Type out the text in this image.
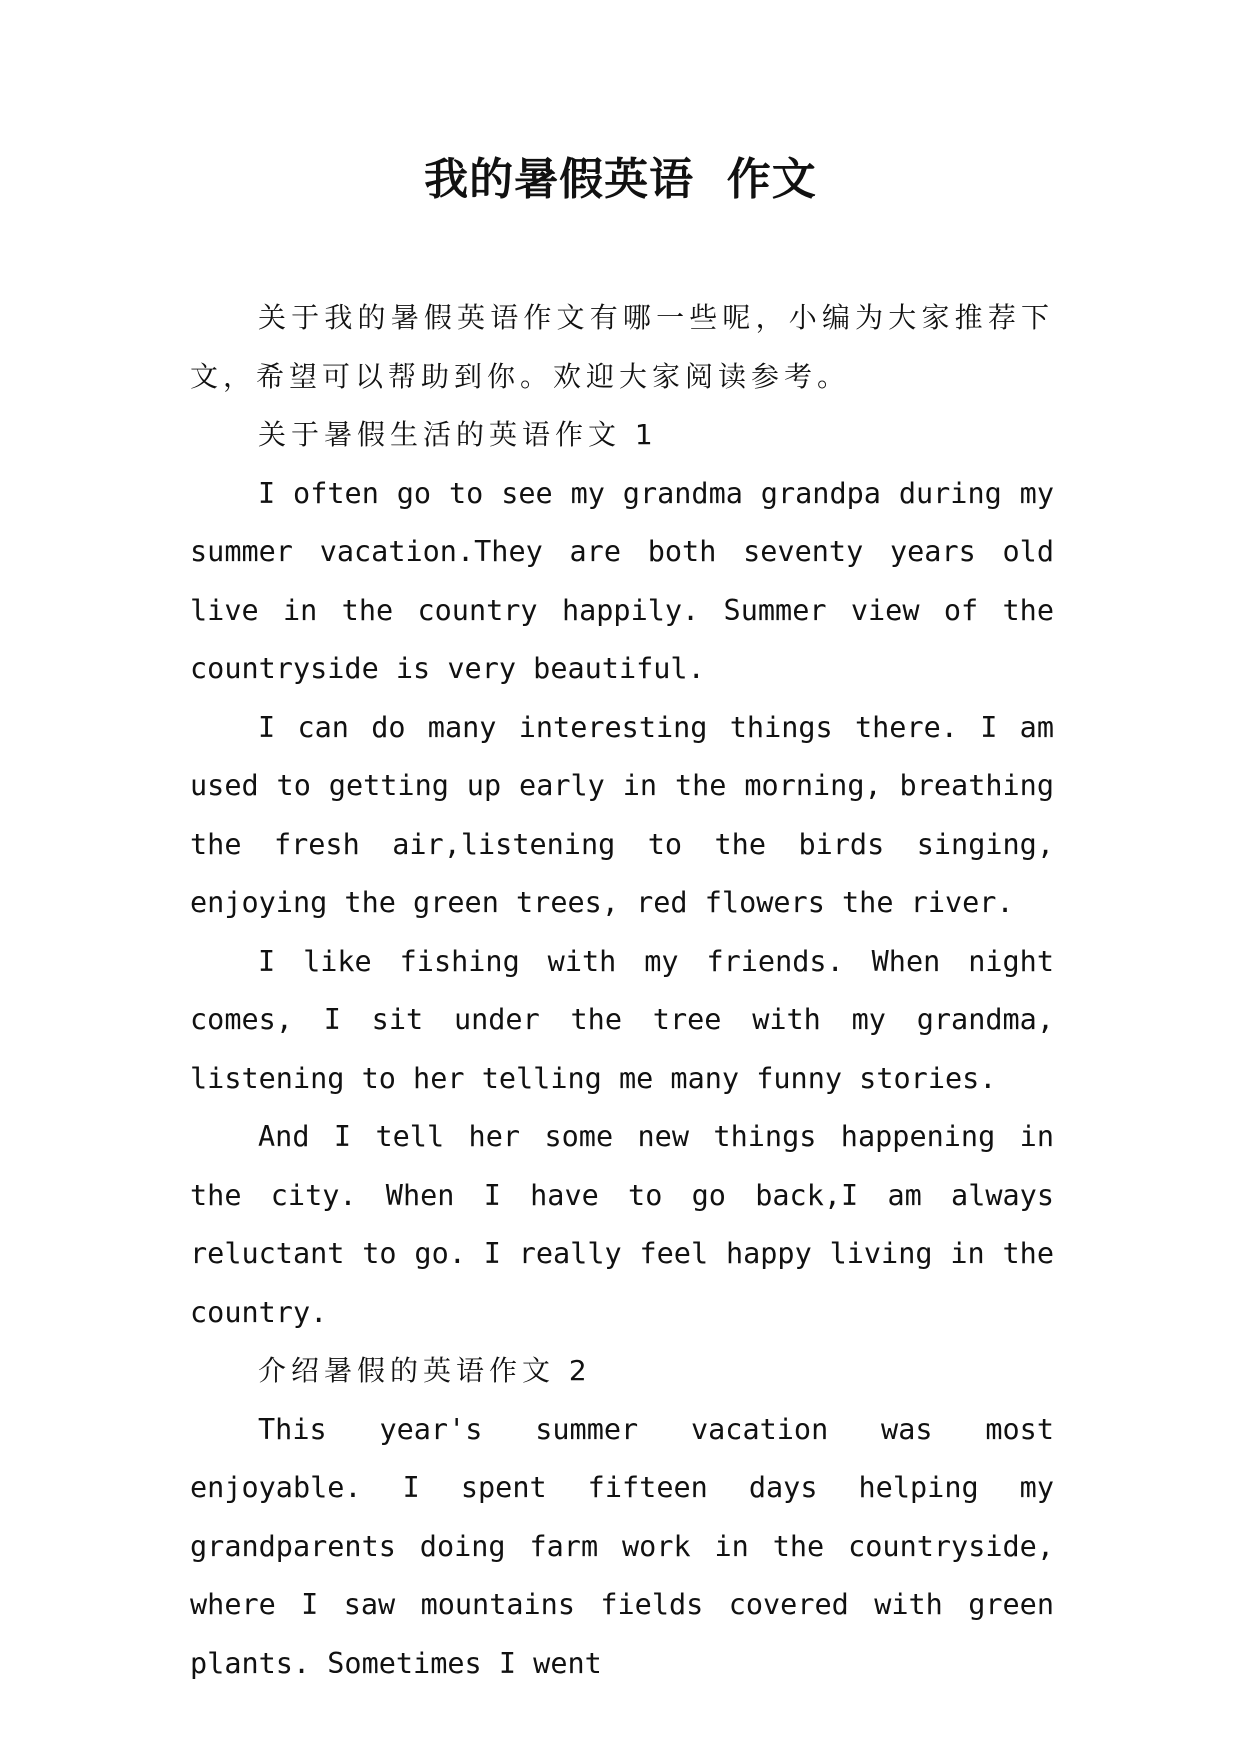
我的暑假英语  作文

关于我的暑假英语作文有哪一些呢，小编为大家推荐下文，希望可以帮助到你。欢迎大家阅读参考。

关于暑假生活的英语作文 1

I often go to see my grandma grandpa during my summer vacation.They are both seventy years old live in the country happily. Summer view of the countryside is very beautiful.

I can do many interesting things there. I am used to getting up early in the morning, breathing the fresh air,listening to the birds singing, enjoying the green trees, red flowers the river.

I like fishing with my friends. When night comes, I sit under the tree with my grandma, listening to her telling me many funny stories.

And I tell her some new things happening in the city. When I have to go back,I am always reluctant to go. I really feel happy living in the country.

介绍暑假的英语作文 2

This year's summer vacation was most enjoyable. I spent fifteen days helping my grandparents doing farm work in the countryside, where I saw mountains fields covered with green plants. Sometimes I went
